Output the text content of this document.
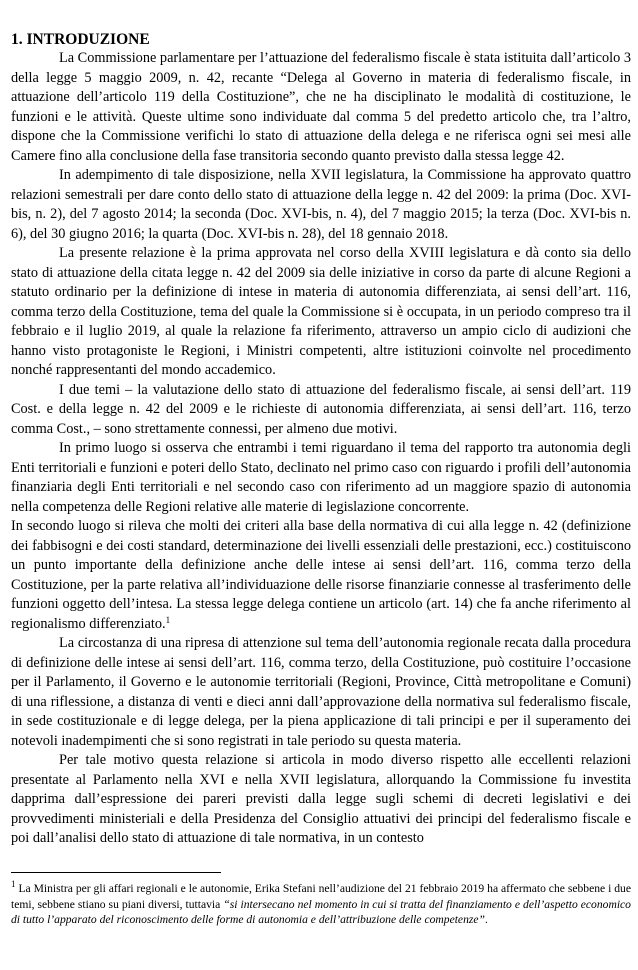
1. INTRODUZIONE

La Commissione parlamentare per l’attuazione del federalismo fiscale è stata istituita dall’articolo 3 della legge 5 maggio 2009, n. 42, recante “Delega al Governo in materia di federalismo fiscale, in attuazione dell’articolo 119 della Costituzione”, che ne ha disciplinato le modalità di costituzione, le funzioni e le attività. Queste ultime sono individuate dal comma 5 del predetto articolo che, tra l’altro, dispone che la Commissione verifichi lo stato di attuazione della delega e ne riferisca ogni sei mesi alle Camere fino alla conclusione della fase transitoria secondo quanto previsto dalla stessa legge 42.

In adempimento di tale disposizione, nella XVII legislatura, la Commissione ha approvato quattro relazioni semestrali per dare conto dello stato di attuazione della legge n. 42 del 2009: la prima (Doc. XVI-bis, n. 2), del 7 agosto 2014; la seconda (Doc. XVI-bis, n. 4), del 7 maggio 2015; la terza (Doc. XVI-bis n. 6), del 30 giugno 2016; la quarta (Doc. XVI-bis n. 28), del 18 gennaio 2018.

La presente relazione è la prima approvata nel corso della XVIII legislatura e dà conto sia dello stato di attuazione della citata legge n. 42 del 2009 sia delle iniziative in corso da parte di alcune Regioni a statuto ordinario per la definizione di intese in materia di autonomia differenziata, ai sensi dell’art. 116, comma terzo della Costituzione, tema del quale la Commissione si è occupata, in un periodo compreso tra il febbraio e il luglio 2019, al quale la relazione fa riferimento, attraverso un ampio ciclo di audizioni che hanno visto protagoniste le Regioni, i Ministri competenti, altre istituzioni coinvolte nel procedimento nonché rappresentanti del mondo accademico.

I due temi – la valutazione dello stato di attuazione del federalismo fiscale, ai sensi dell’art. 119 Cost. e della legge n. 42 del 2009 e le richieste di autonomia differenziata, ai sensi dell’art. 116, terzo comma Cost., – sono strettamente connessi, per almeno due motivi.

In primo luogo si osserva che entrambi i temi riguardano il tema del rapporto tra autonomia degli Enti territoriali e funzioni e poteri dello Stato, declinato nel primo caso con riguardo i profili dell’autonomia finanziaria degli Enti territoriali e nel secondo caso con riferimento ad un maggiore spazio di autonomia nella competenza delle Regioni relative alle materie di legislazione concorrente.

In secondo luogo si rileva che molti dei criteri alla base della normativa di cui alla legge n. 42 (definizione dei fabbisogni e dei costi standard, determinazione dei livelli essenziali delle prestazioni, ecc.) costituiscono un punto importante della definizione anche delle intese ai sensi dell’art. 116, comma terzo della Costituzione, per la parte relativa all’individuazione delle risorse finanziarie connesse al trasferimento delle funzioni oggetto dell’intesa. La stessa legge delega contiene un articolo (art. 14) che fa anche riferimento al regionalismo differenziato.$^1$

La circostanza di una ripresa di attenzione sul tema dell’autonomia regionale recata dalla procedura di definizione delle intese ai sensi dell’art. 116, comma terzo, della Costituzione, può costituire l’occasione per il Parlamento, il Governo e le autonomie territoriali (Regioni, Province, Città metropolitane e Comuni) di una riflessione, a distanza di venti e dieci anni dall’approvazione della normativa sul federalismo fiscale, in sede costituzionale e di legge delega, per la piena applicazione di tali principi e per il superamento dei notevoli inadempimenti che si sono registrati in tale periodo su questa materia.

Per tale motivo questa relazione si articola in modo diverso rispetto alle eccellenti relazioni presentate al Parlamento nella XVI e nella XVII legislatura, allorquando la Commissione fu investita dapprima dall’espressione dei pareri previsti dalla legge sugli schemi di decreti legislativi e dei provvedimenti ministeriali e della Presidenza del Consiglio attuativi dei principi del federalismo fiscale e poi dall’analisi dello stato di attuazione di tale normativa, in un contesto

$^1$ La Ministra per gli affari regionali e le autonomie, Erika Stefani nell’audizione del 21 febbraio 2019 ha affermato che sebbene i due temi, sebbene stiano su piani diversi, tuttavia “si intersecano nel momento in cui si tratta del finanziamento e dell’aspetto economico di tutto l’apparato del riconoscimento delle forme di autonomia e dell’attribuzione delle competenze”.
